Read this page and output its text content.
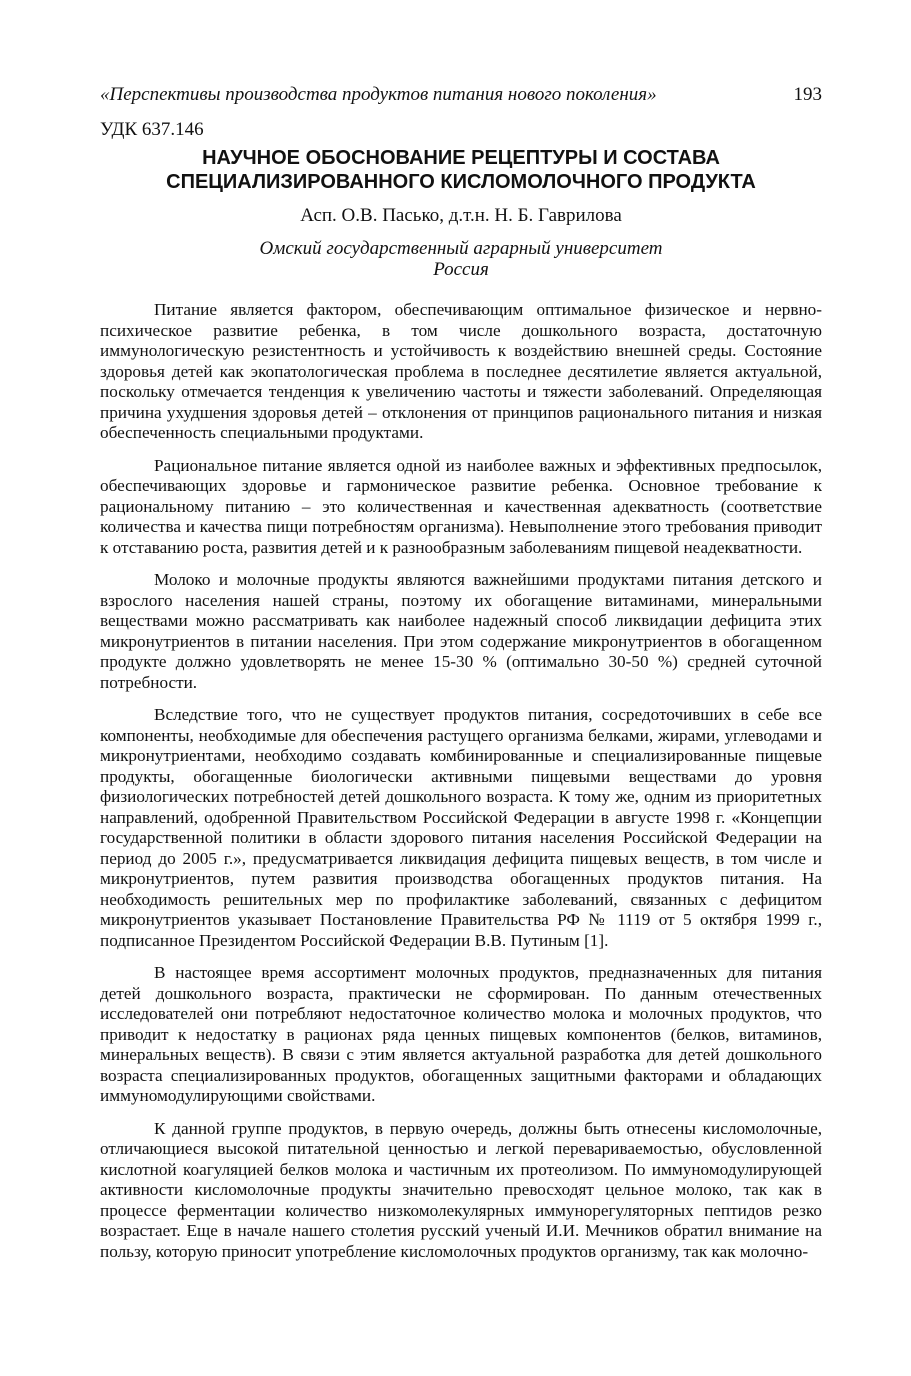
«Перспективы производства продуктов питания нового поколения»	193
УДК 637.146
НАУЧНОЕ ОБОСНОВАНИЕ РЕЦЕПТУРЫ И СОСТАВА
СПЕЦИАЛИЗИРОВАННОГО КИСЛОМОЛОЧНОГО ПРОДУКТА
Асп. О.В. Пасько, д.т.н. Н. Б. Гаврилова
Омский государственный аграрный университет
Россия

Питание является фактором, обеспечивающим оптимальное физическое и нервно- психическое развитие ребенка, в том числе дошкольного возраста, достаточную иммунологическую резистентность и устойчивость к воздействию внешней среды. Состояние здоровья детей как экопатологическая проблема в последнее десятилетие является актуальной, поскольку отмечается тенденция к увеличению частоты и тяжести заболеваний. Определяющая причина ухудшения здоровья детей – отклонения от принципов рационального питания и низкая обеспеченность специальными продуктами.

Рациональное питание является одной из наиболее важных и эффективных предпосылок, обеспечивающих здоровье и гармоническое развитие ребенка. Основное требование к рациональному питанию – это количественная и качественная адекватность (соответствие количества и качества пищи потребностям организма). Невыполнение этого требования приводит к отставанию роста, развития детей и к разнообразным заболеваниям пищевой неадекватности.

Молоко и молочные продукты являются важнейшими продуктами питания детского и взрослого населения нашей страны, поэтому их обогащение витаминами, минеральными веществами можно рассматривать как наиболее надежный способ ликвидации дефицита этих микронутриентов в питании населения. При этом содержание микронутриентов в обогащенном продукте должно удовлетворять не менее 15-30 % (оптимально 30-50 %) средней суточной потребности.

Вследствие того, что не существует продуктов питания, сосредоточивших в себе все компоненты, необходимые для обеспечения растущего организма белками, жирами, углеводами и микронутриентами, необходимо создавать комбинированные и специализированные пищевые продукты, обогащенные биологически активными пищевыми веществами до уровня физиологических потребностей детей дошкольного возраста. К тому же, одним из приоритетных направлений, одобренной Правительством Российской Федерации в августе 1998 г. «Концепции государственной политики в области здорового питания населения Российской Федерации на период до 2005 г.», предусматривается ликвидация дефицита пищевых веществ, в том числе и микронутриентов, путем развития производства обогащенных продуктов питания. На необходимость решительных мер по профилактике заболеваний, связанных с дефицитом микронутриентов указывает Постановление Правительства РФ № 1119 от 5 октября 1999 г., подписанное Президентом Российской Федерации В.В. Путиным [1].

В настоящее время ассортимент молочных продуктов, предназначенных для питания детей дошкольного возраста, практически не сформирован. По данным отечественных исследователей они потребляют недостаточное количество молока и молочных продуктов, что приводит к недостатку в рационах ряда ценных пищевых компонентов (белков, витаминов, минеральных веществ). В связи с этим является актуальной разработка для детей дошкольного возраста специализированных продуктов, обогащенных защитными факторами и обладающих иммуномодулирующими свойствами.

К данной группе продуктов, в первую очередь, должны быть отнесены кисломолочные, отличающиеся высокой питательной ценностью и легкой перевариваемостью, обусловленной кислотной коагуляцией белков молока и частичным их протеолизом. По иммуномодулирующей активности кисломолочные продукты значительно превосходят цельное молоко, так как в процессе ферментации количество низкомолекулярных иммунорегуляторных пептидов резко возрастает. Еще в начале нашего столетия русский ученый И.И. Мечников обратил внимание на пользу, которую приносит употребление кисломолочных продуктов организму, так как молочно-
